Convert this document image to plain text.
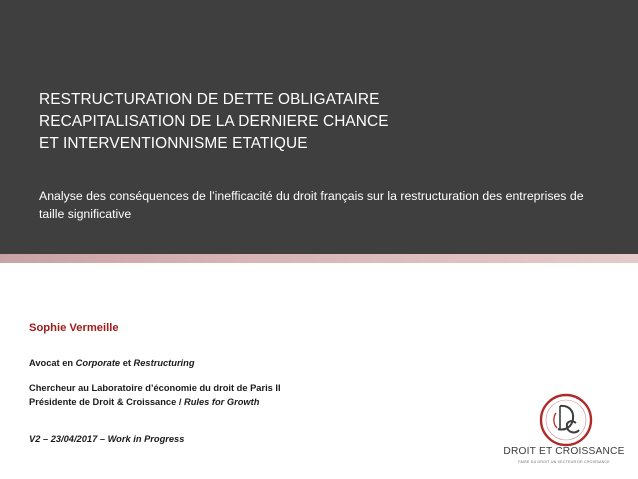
RESTRUCTURATION DE DETTE OBLIGATAIRE
RECAPITALISATION DE LA DERNIERE CHANCE
ET INTERVENTIONNISME ETATIQUE
Analyse des conséquences de l’inefficacité du droit français sur la restructuration des entreprises de taille significative
Sophie Vermeille
Avocat en Corporate et Restructuring
Chercheur au Laboratoire d’économie du droit de Paris II
Présidente de Droit & Croissance / Rules for Growth
V2 – 23/04/2017 – Work in Progress
DROIT ET CROISSANCE
FAIRE DU DROIT UN VECTEUR DE CROISSANCE
